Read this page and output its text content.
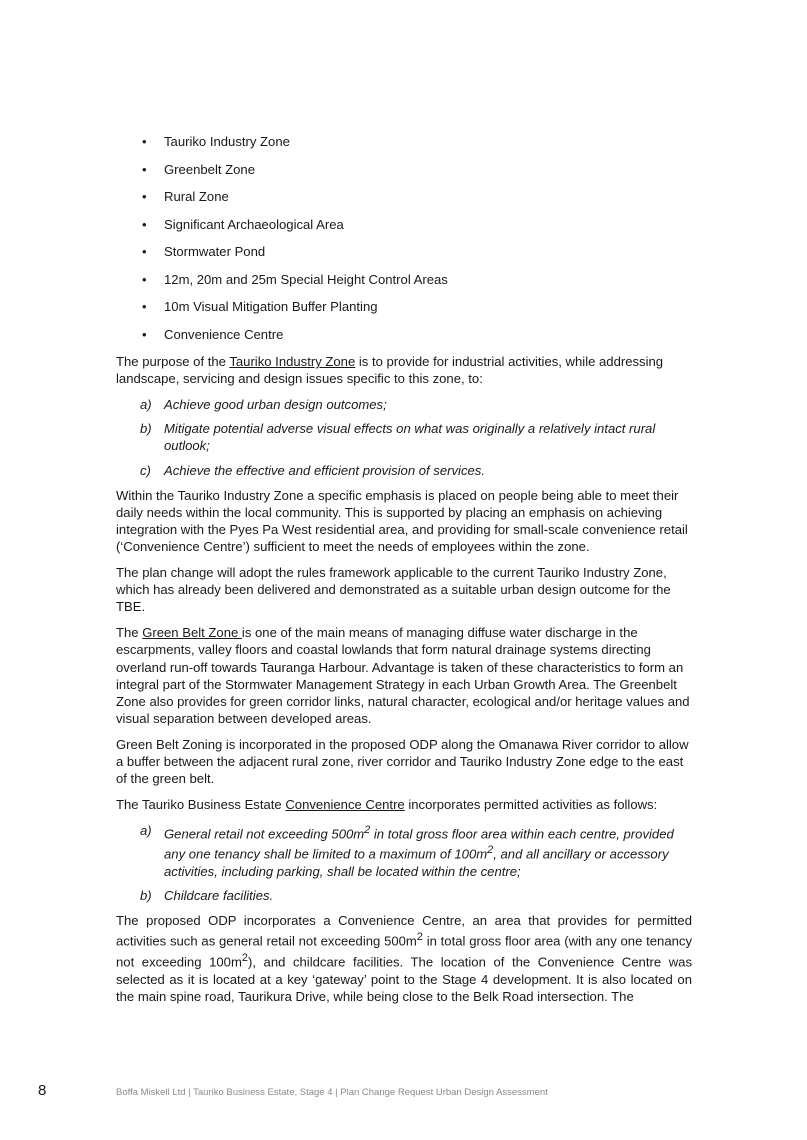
• Tauriko Industry Zone
• Greenbelt Zone
• Rural Zone
• Significant Archaeological Area
• Stormwater Pond
• 12m, 20m and 25m Special Height Control Areas
• 10m Visual Mitigation Buffer Planting
• Convenience Centre

The purpose of the Tauriko Industry Zone is to provide for industrial activities, while addressing landscape, servicing and design issues specific to this zone, to:

a) Achieve good urban design outcomes;
b) Mitigate potential adverse visual effects on what was originally a relatively intact rural outlook;
c) Achieve the effective and efficient provision of services.

Within the Tauriko Industry Zone a specific emphasis is placed on people being able to meet their daily needs within the local community. This is supported by placing an emphasis on achieving integration with the Pyes Pa West residential area, and providing for small-scale convenience retail (‘Convenience Centre’) sufficient to meet the needs of employees within the zone.

The plan change will adopt the rules framework applicable to the current Tauriko Industry Zone, which has already been delivered and demonstrated as a suitable urban design outcome for the TBE.

The Green Belt Zone is one of the main means of managing diffuse water discharge in the escarpments, valley floors and coastal lowlands that form natural drainage systems directing overland run-off towards Tauranga Harbour. Advantage is taken of these characteristics to form an integral part of the Stormwater Management Strategy in each Urban Growth Area. The Greenbelt Zone also provides for green corridor links, natural character, ecological and/or heritage values and visual separation between developed areas.

Green Belt Zoning is incorporated in the proposed ODP along the Omanawa River corridor to allow a buffer between the adjacent rural zone, river corridor and Tauriko Industry Zone edge to the east of the green belt.

The Tauriko Business Estate Convenience Centre incorporates permitted activities as follows:

a) General retail not exceeding $500m^2$ in total gross floor area within each centre, provided any one tenancy shall be limited to a maximum of $100m^2$, and all ancillary or accessory activities, including parking, shall be located within the centre;
b) Childcare facilities.

The proposed ODP incorporates a Convenience Centre, an area that provides for permitted activities such as general retail not exceeding $500m^2$ in total gross floor area (with any one tenancy not exceeding $100m^2$), and childcare facilities. The location of the Convenience Centre was selected as it is located at a key ‘gateway’ point to the Stage 4 development. It is also located on the main spine road, Taurikura Drive, while being close to the Belk Road intersection. The

8	Boffa Miskell Ltd | Tauriko Business Estate, Stage 4 | Plan Change Request Urban Design Assessment
